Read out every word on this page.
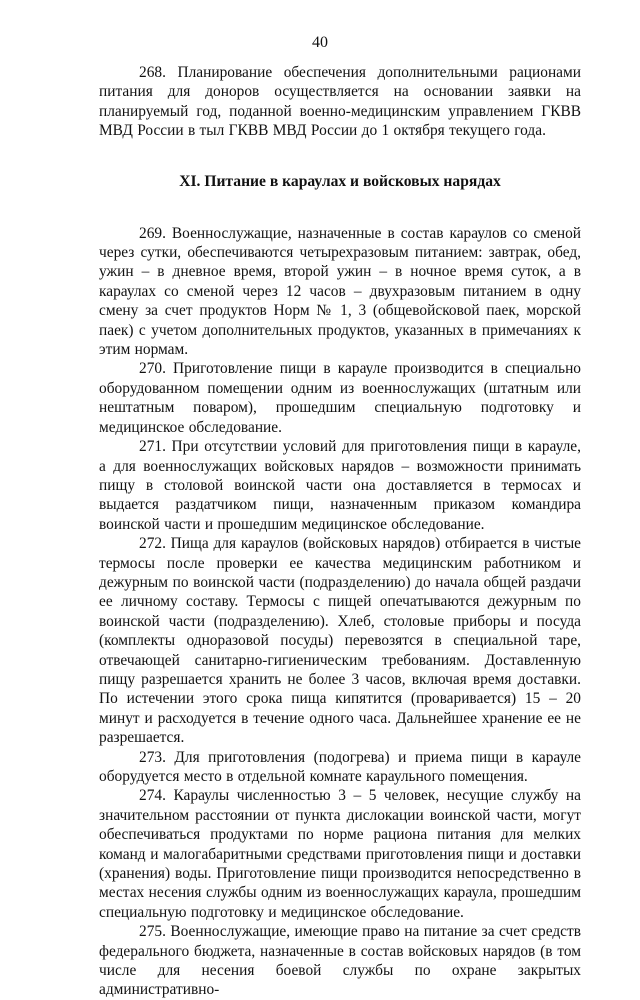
40

268. Планирование обеспечения дополнительными рационами питания для доноров осуществляется на основании заявки на планируемый год, поданной военно-медицинским управлением ГКВВ МВД России в тыл ГКВВ МВД России до 1 октября текущего года.

XI. Питание в караулах и войсковых нарядах

269. Военнослужащие, назначенные в состав караулов со сменой через сутки, обеспечиваются четырехразовым питанием: завтрак, обед, ужин – в дневное время, второй ужин – в ночное время суток, а в караулах со сменой через 12 часов – двухразовым питанием в одну смену за счет продуктов Норм № 1, 3 (общевойсковой паек, морской паек) с учетом дополнительных продуктов, указанных в примечаниях к этим нормам.

270. Приготовление пищи в карауле производится в специально оборудованном помещении одним из военнослужащих (штатным или нештатным поваром), прошедшим специальную подготовку и медицинское обследование.

271. При отсутствии условий для приготовления пищи в карауле, а для военнослужащих войсковых нарядов – возможности принимать пищу в столовой воинской части она доставляется в термосах и выдается раздатчиком пищи, назначенным приказом командира воинской части и прошедшим медицинское обследование.

272. Пища для караулов (войсковых нарядов) отбирается в чистые термосы после проверки ее качества медицинским работником и дежурным по воинской части (подразделению) до начала общей раздачи ее личному составу. Термосы с пищей опечатываются дежурным по воинской части (подразделению). Хлеб, столовые приборы и посуда (комплекты одноразовой посуды) перевозятся в специальной таре, отвечающей санитарно-гигиеническим требованиям. Доставленную пищу разрешается хранить не более 3 часов, включая время доставки. По истечении этого срока пища кипятится (проваривается) 15 – 20 минут и расходуется в течение одного часа. Дальнейшее хранение ее не разрешается.

273. Для приготовления (подогрева) и приема пищи в карауле оборудуется место в отдельной комнате караульного помещения.

274. Караулы численностью 3 – 5 человек, несущие службу на значительном расстоянии от пункта дислокации воинской части, могут обеспечиваться продуктами по норме рациона питания для мелких команд и малогабаритными средствами приготовления пищи и доставки (хранения) воды. Приготовление пищи производится непосредственно в местах несения службы одним из военнослужащих караула, прошедшим специальную подготовку и медицинское обследование.

275. Военнослужащие, имеющие право на питание за счет средств федерального бюджета, назначенные в состав войсковых нарядов (в том числе для несения боевой службы по охране закрытых административно-
